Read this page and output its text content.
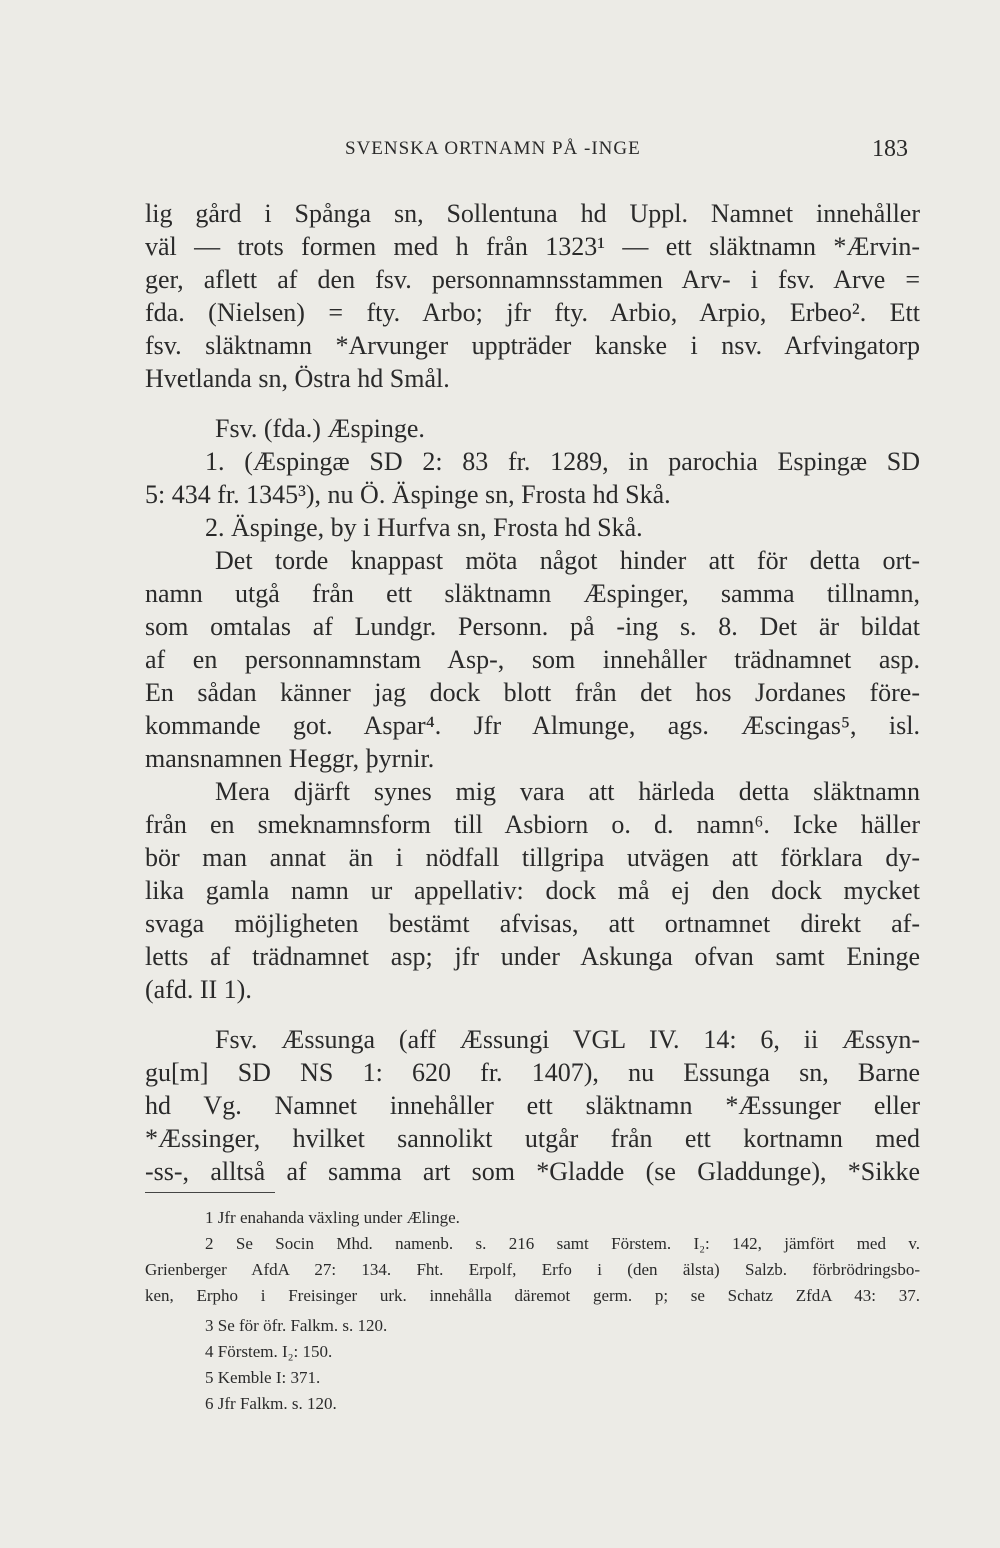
SVENSKA ORTNAMN PÅ -INGE	183
lig gård i Spånga sn, Sollentuna hd Uppl. Namnet innehåller
väl — trots formen med h från 1323¹ — ett släktnamn *Ærvin-
ger, aflett af den fsv. personnamnsstammen Arv- i fsv. Arve =
fda. (Nielsen) = fty. Arbo; jfr fty. Arbio, Arpio, Erbeo². Ett
fsv. släktnamn *Arvunger uppträder kanske i nsv. Arfvingatorp
Hvetlanda sn, Östra hd Smål.
Fsv. (fda.) Æspinge.
1. (Æspingæ SD 2: 83 fr. 1289, in parochia Espingæ SD
5: 434 fr. 1345³), nu Ö. Äspinge sn, Frosta hd Skå.
2. Äspinge, by i Hurfva sn, Frosta hd Skå.
Det torde knappast möta något hinder att för detta ort-
namn utgå från ett släktnamn Æspinger, samma tillnamn,
som omtalas af Lundgr. Personn. på -ing s. 8. Det är bildat
af en personnamnstam Asp-, som innehåller trädnamnet asp.
En sådan känner jag dock blott från det hos Jordanes före-
kommande got. Aspar⁴. Jfr Almunge, ags. Æscingas⁵, isl.
mansnamnen Heggr, þyrnir.
Mera djärft synes mig vara att härleda detta släktnamn
från en smeknamnsform till Asbiorn o. d. namn⁶. Icke häller
bör man annat än i nödfall tillgripa utvägen att förklara dy-
lika gamla namn ur appellativ: dock må ej den dock mycket
svaga möjligheten bestämt afvisas, att ortnamnet direkt af-
letts af trädnamnet asp; jfr under Askunga ofvan samt Eninge
(afd. II 1).
Fsv. Æssunga (aff Æssungi VGL IV. 14: 6, ii Æssyn-
gu[m] SD NS 1: 620 fr. 1407), nu Essunga sn, Barne
hd Vg. Namnet innehåller ett släktnamn *Æssunger eller
*Æssinger, hvilket sannolikt utgår från ett kortnamn med
-ss-, alltså af samma art som *Gladde (se Gladdunge), *Sikke
1 Jfr enahanda växling under Ælinge.
2 Se Socin Mhd. namenb. s. 216 samt Förstem. I₂: 142, jämfört med v.
Grienberger AfdA 27: 134. Fht. Erpolf, Erfo i (den älsta) Salzb. förbrödringsbo-
ken, Erpho i Freisinger urk. innehålla däremot germ. p; se Schatz ZfdA 43: 37.
3 Se för öfr. Falkm. s. 120.
4 Förstem. I₂: 150.
5 Kemble I: 371.
6 Jfr Falkm. s. 120.
